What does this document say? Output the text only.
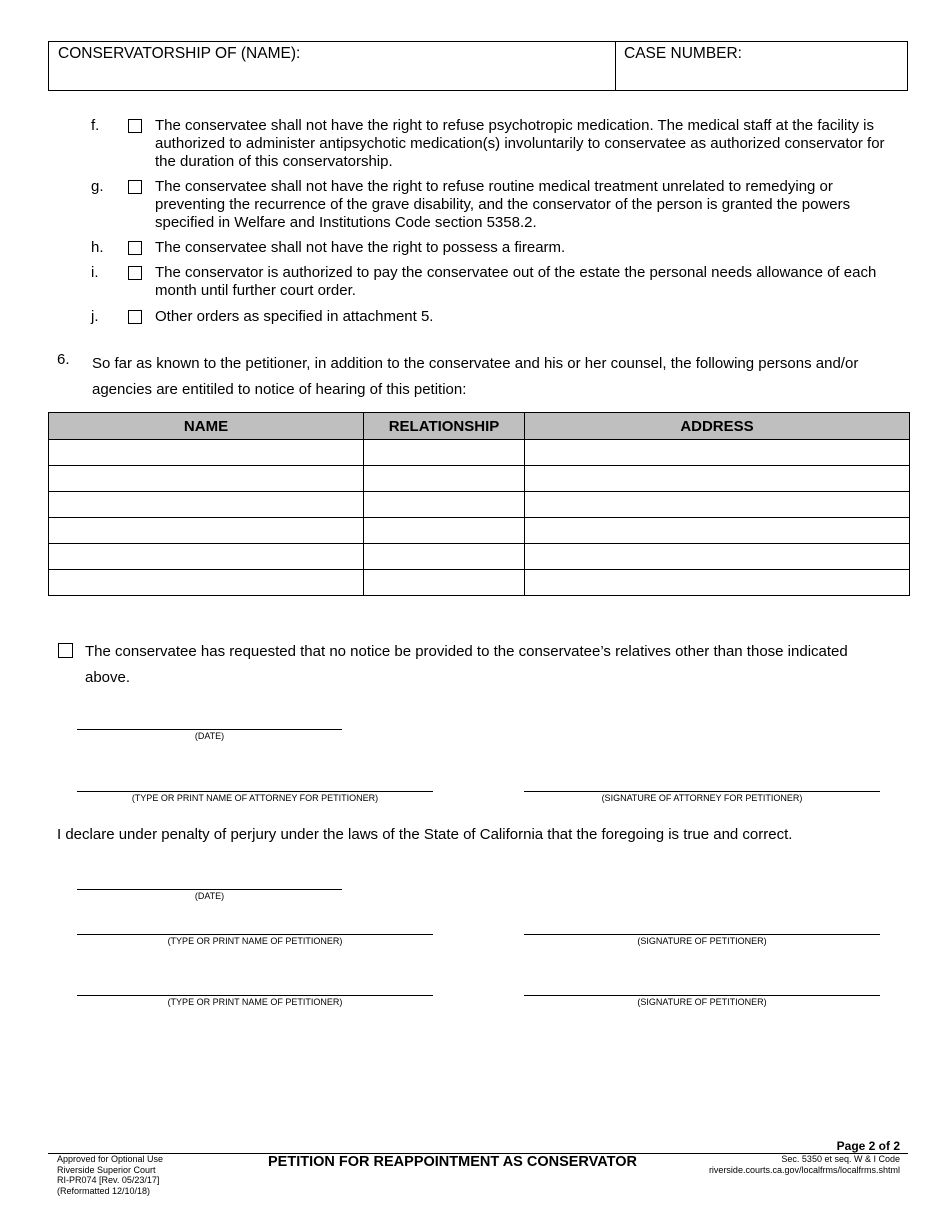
CONSERVATORSHIP OF (NAME):	CASE NUMBER:
f.	The conservatee shall not have the right to refuse psychotropic medication. The medical staff at the facility is authorized to administer antipsychotic medication(s) involuntarily to conservatee as authorized conservator for the duration of this conservatorship.
g.	The conservatee shall not have the right to refuse routine medical treatment unrelated to remedying or preventing the recurrence of the grave disability, and the conservator of the person is granted the powers specified in Welfare and Institutions Code section 5358.2.
h.	The conservatee shall not have the right to possess a firearm.
i.	The conservator is authorized to pay the conservatee out of the estate the personal needs allowance of each month until further court order.
j.	Other orders as specified in attachment 5.
6. So far as known to the petitioner, in addition to the conservatee and his or her counsel, the following persons and/or agencies are entitiled to notice of hearing of this petition:
NAME	RELATIONSHIP	ADDRESS

The conservatee has requested that no notice be provided to the conservatee’s relatives other than those indicated above.
(DATE)
(TYPE OR PRINT NAME OF ATTORNEY FOR PETITIONER)	(SIGNATURE OF ATTORNEY FOR PETITIONER)
I declare under penalty of perjury under the laws of the State of California that the foregoing is true and correct.
(DATE)
(TYPE OR PRINT NAME OF PETITIONER)	(SIGNATURE OF PETITIONER)
(TYPE OR PRINT NAME OF PETITIONER)	(SIGNATURE OF PETITIONER)
Page 2 of 2
Approved for Optional Use
Riverside Superior Court
RI-PR074 [Rev. 05/23/17]
(Reformatted 12/10/18)
PETITION FOR REAPPOINTMENT AS CONSERVATOR	Sec. 5350 et seq. W & I Code
riverside.courts.ca.gov/localfrms/localfrms.shtml
